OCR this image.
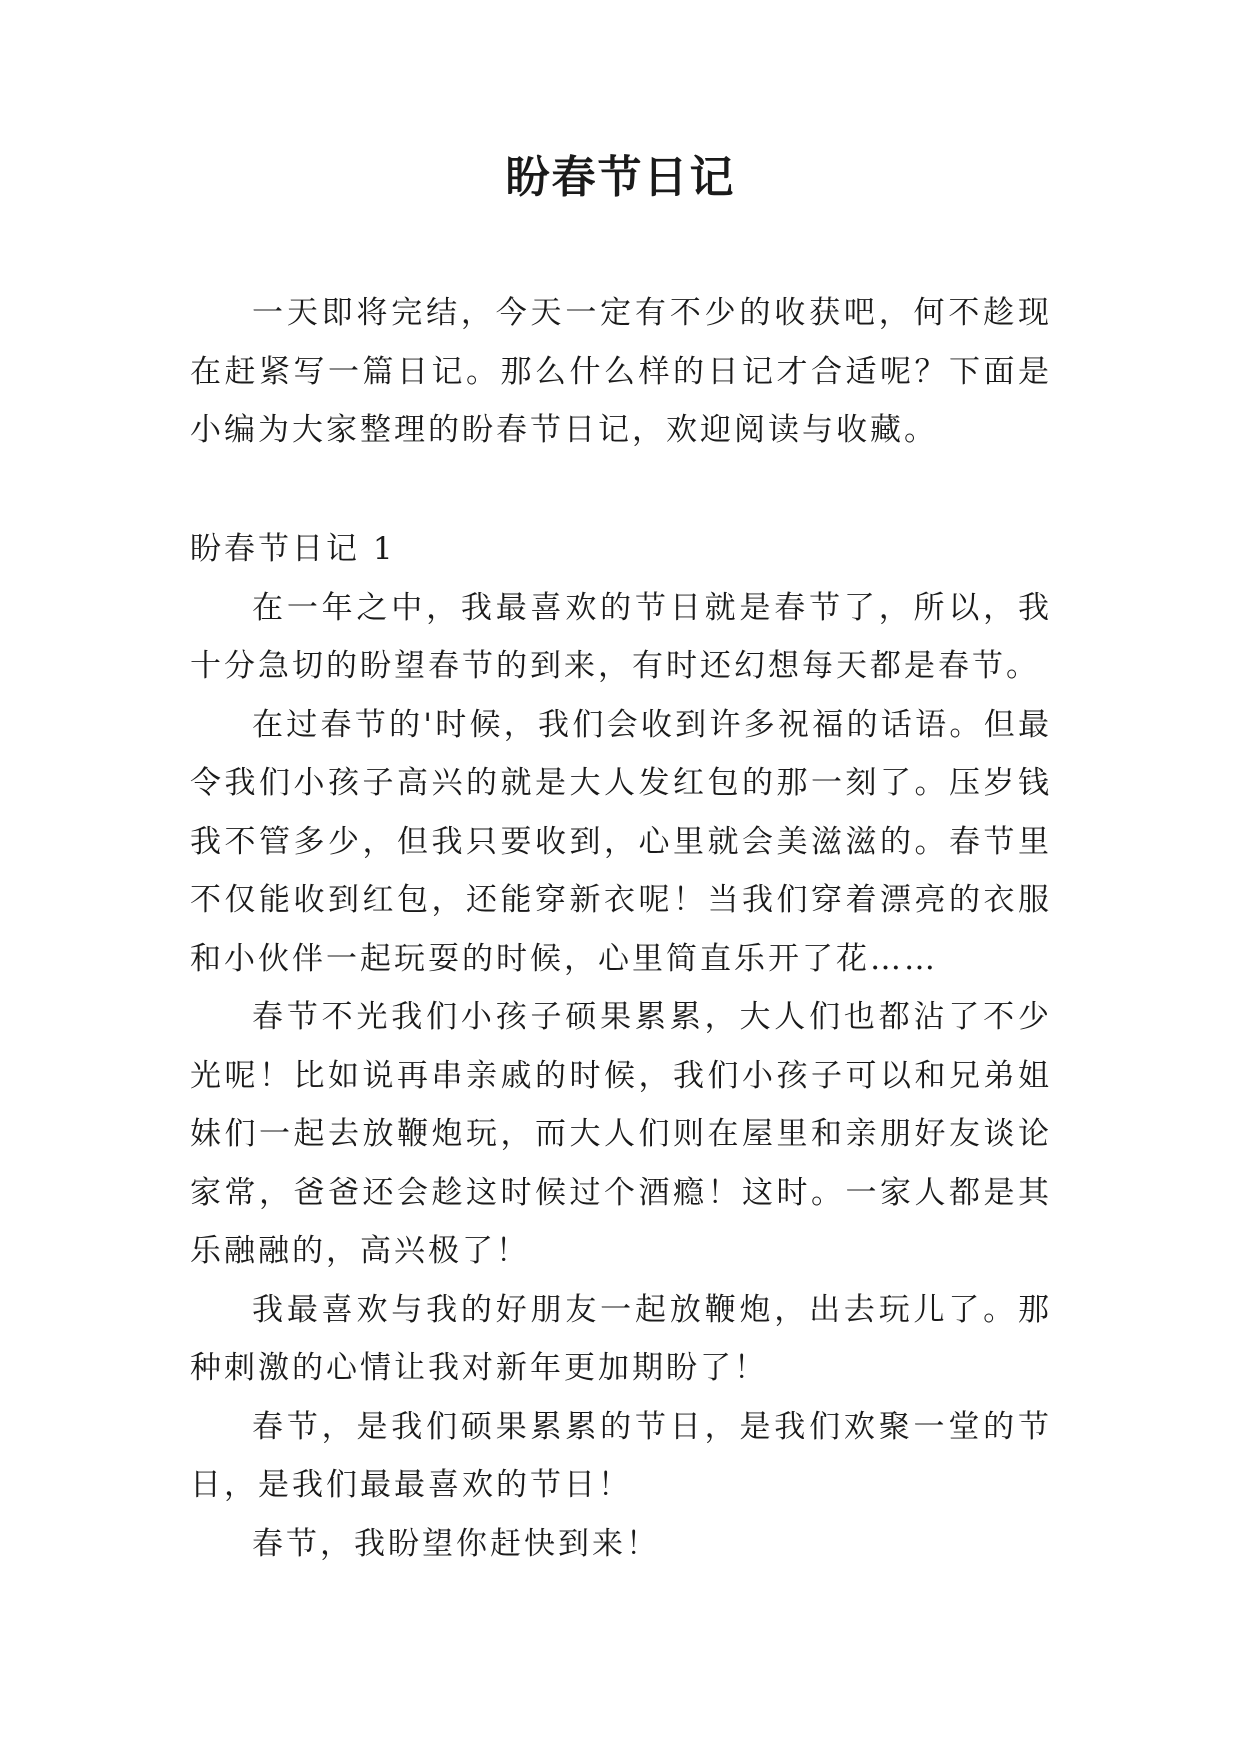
盼春节日记

一天即将完结，今天一定有不少的收获吧，何不趁现在赶紧写一篇日记。那么什么样的日记才合适呢？下面是小编为大家整理的盼春节日记，欢迎阅读与收藏。

盼春节日记 1

在一年之中，我最喜欢的节日就是春节了，所以，我十分急切的盼望春节的到来，有时还幻想每天都是春节。

在过春节的'时候，我们会收到许多祝福的话语。但最令我们小孩子高兴的就是大人发红包的那一刻了。压岁钱我不管多少，但我只要收到，心里就会美滋滋的。春节里不仅能收到红包，还能穿新衣呢！当我们穿着漂亮的衣服和小伙伴一起玩耍的时候，心里简直乐开了花……

春节不光我们小孩子硕果累累，大人们也都沾了不少光呢！比如说再串亲戚的时候，我们小孩子可以和兄弟姐妹们一起去放鞭炮玩，而大人们则在屋里和亲朋好友谈论家常，爸爸还会趁这时候过个酒瘾！这时。一家人都是其乐融融的，高兴极了！

我最喜欢与我的好朋友一起放鞭炮，出去玩儿了。那种刺激的心情让我对新年更加期盼了！

春节，是我们硕果累累的节日，是我们欢聚一堂的节日，是我们最最喜欢的节日！

春节，我盼望你赶快到来！
